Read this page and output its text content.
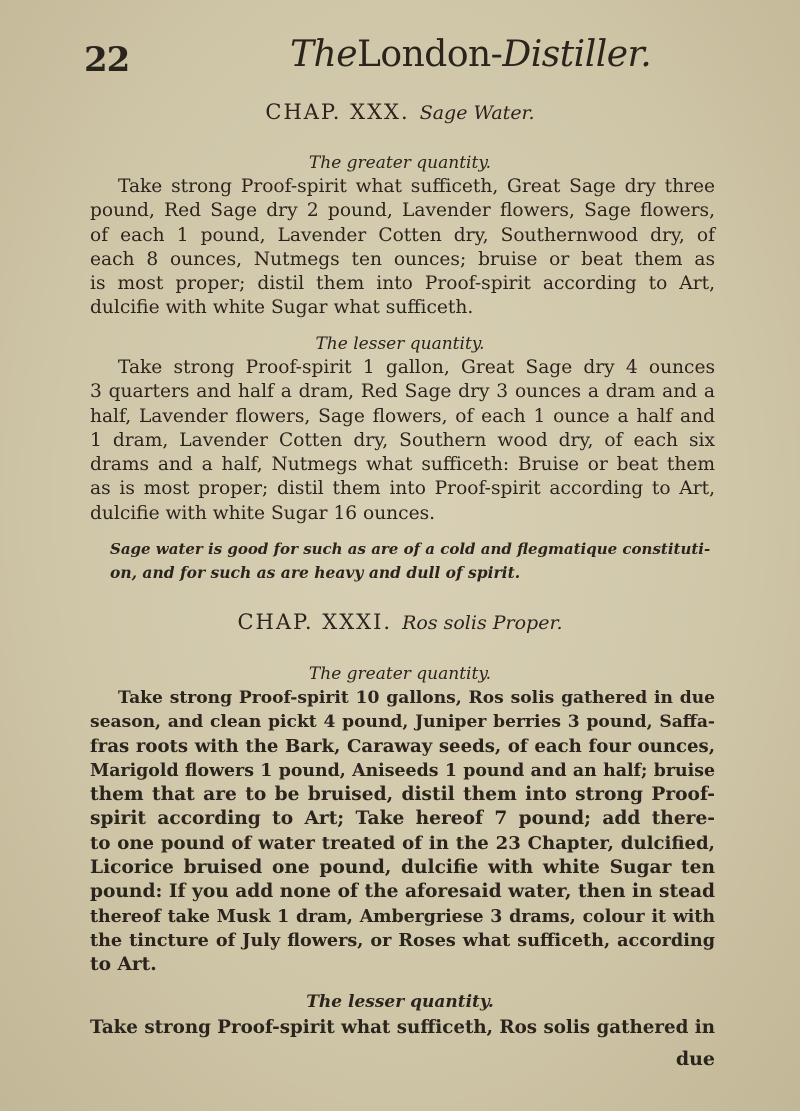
22	TheLondon-Distiller.
CHAP. XXX. Sage Water.
The greater quantity.
Take strong Proof-spirit what sufficeth, Great Sage dry three
pound, Red Sage dry 2 pound, Lavender flowers, Sage flowers,
of each 1 pound, Lavender Cotten dry, Southernwood dry, of
each 8 ounces, Nutmegs ten ounces; bruise or beat them as
is most proper; distil them into Proof-spirit according to Art,
dulcifie with white Sugar what sufficeth.
The lesser quantity.
Take strong Proof-spirit 1 gallon, Great Sage dry 4 ounces
3 quarters and half a dram, Red Sage dry 3 ounces a dram and a
half, Lavender flowers, Sage flowers, of each 1 ounce a half and
1 dram, Lavender Cotten dry, Southern wood dry, of each six
drams and a half, Nutmegs what sufficeth: Bruise or beat them
as is most proper; distil them into Proof-spirit according to Art,
dulcifie with white Sugar 16 ounces.
Sage water is good for such as are of a cold and flegmatique constituti-
on, and for such as are heavy and dull of spirit.
CHAP. XXXI. Ros solis Proper.
The greater quantity.
Take strong Proof-spirit 10 gallons, Ros solis gathered in due
season, and clean pickt 4 pound, Juniper berries 3 pound, Saffa-
fras roots with the Bark, Caraway seeds, of each four ounces,
Marigold flowers 1 pound, Aniseeds 1 pound and an half; bruise
them that are to be bruised, distil them into strong Proof-
spirit according to Art; Take hereof 7 pound; add there-
to one pound of water treated of in the 23 Chapter, dulcified,
Licorice bruised one pound, dulcifie with white Sugar ten
pound: If you add none of the aforesaid water, then in stead
thereof take Musk 1 dram, Ambergriese 3 drams, colour it with
the tincture of July flowers, or Roses what sufficeth, according
to Art.
The lesser quantity.
Take strong Proof-spirit what sufficeth, Ros solis gathered in
due
